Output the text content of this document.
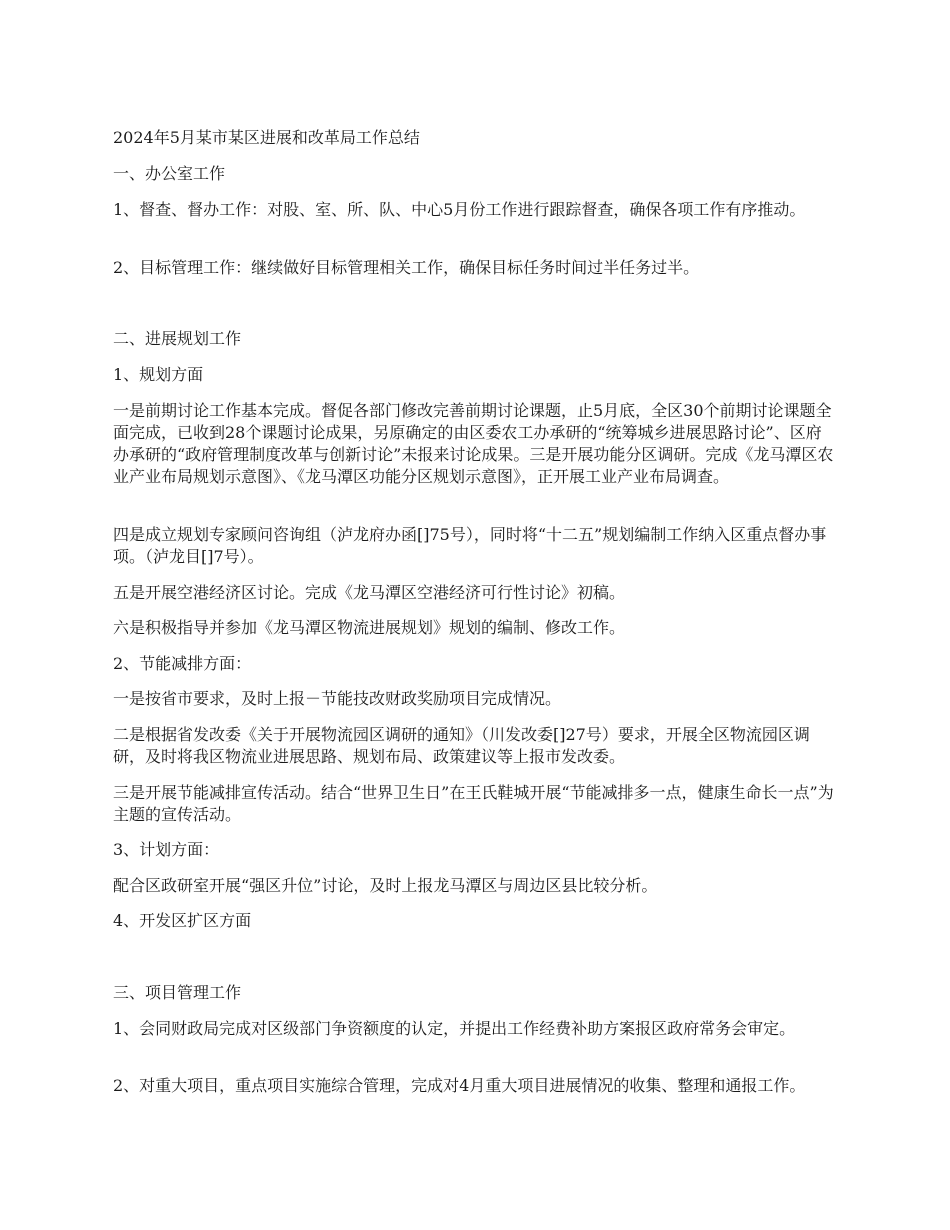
2024年5月某市某区进展和改革局工作总结

一、办公室工作

1、督查、督办工作：对股、室、所、队、中心5月份工作进行跟踪督查，确保各项工作有序推动。

2、目标管理工作：继续做好目标管理相关工作，确保目标任务时间过半任务过半。

二、进展规划工作

1、规划方面

一是前期讨论工作基本完成。督促各部门修改完善前期讨论课题，止5月底，全区30个前期讨论课题全面完成，已收到28个课题讨论成果，另原确定的由区委农工办承研的“统筹城乡进展思路讨论”、区府办承研的“政府管理制度改革与创新讨论”未报来讨论成果。三是开展功能分区调研。完成《龙马潭区农业产业布局规划示意图》、《龙马潭区功能分区规划示意图》，正开展工业产业布局调查。

四是成立规划专家顾问咨询组（泸龙府办函[]75号），同时将“十二五”规划编制工作纳入区重点督办事项。（泸龙目[]7号）。

五是开展空港经济区讨论。完成《龙马潭区空港经济可行性讨论》初稿。

六是积极指导并参加《龙马潭区物流进展规划》规划的编制、修改工作。

2、节能减排方面：

一是按省市要求，及时上报－节能技改财政奖励项目完成情况。

二是根据省发改委《关于开展物流园区调研的通知》（川发改委[]27号）要求，开展全区物流园区调研，及时将我区物流业进展思路、规划布局、政策建议等上报市发改委。

三是开展节能减排宣传活动。结合“世界卫生日”在王氏鞋城开展“节能减排多一点，健康生命长一点”为主题的宣传活动。

3、计划方面：

配合区政研室开展“强区升位”讨论，及时上报龙马潭区与周边区县比较分析。

4、开发区扩区方面

三、项目管理工作

1、会同财政局完成对区级部门争资额度的认定，并提出工作经费补助方案报区政府常务会审定。

2、对重大项目，重点项目实施综合管理，完成对4月重大项目进展情况的收集、整理和通报工作。
